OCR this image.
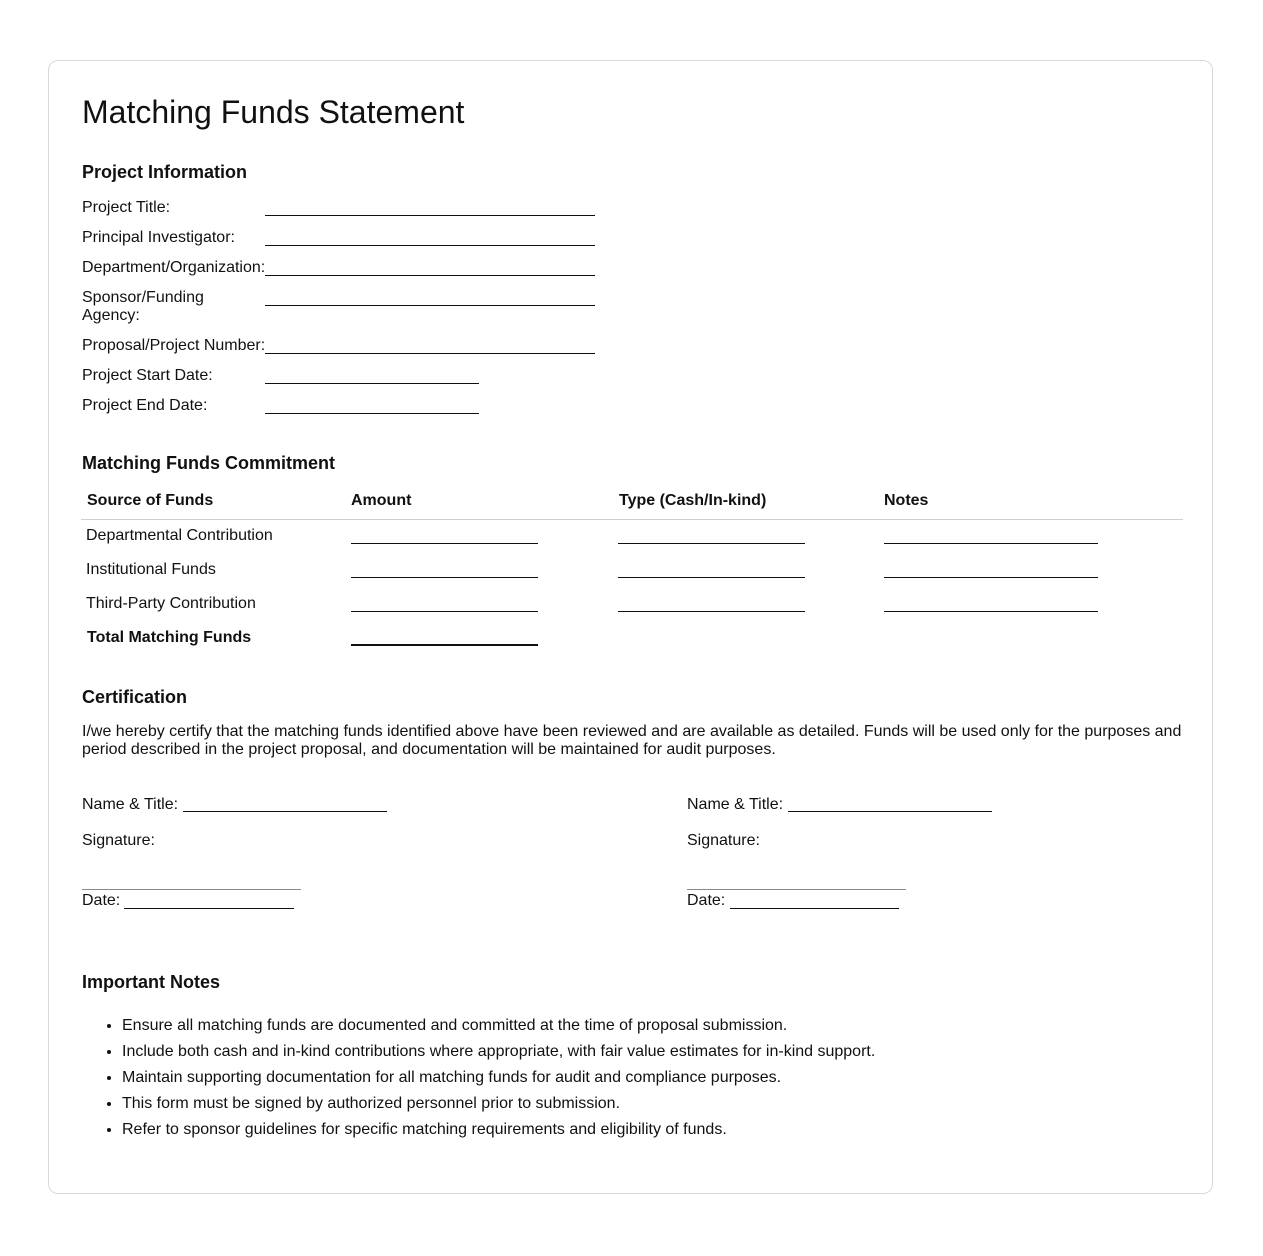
Matching Funds Statement
Project Information
Project Title:
Principal Investigator:
Department/Organization:
Sponsor/Funding Agency:
Proposal/Project Number:
Project Start Date:
Project End Date:
Matching Funds Commitment
Source of Funds	Amount	Type (Cash/In-kind)	Notes
Departmental Contribution
Institutional Funds
Third-Party Contribution
Total Matching Funds
Certification
I/we hereby certify that the matching funds identified above have been reviewed and are available as detailed. Funds will be used only for the purposes and period described in the project proposal, and documentation will be maintained for audit purposes.
Name & Title:
Signature:
Date:
Name & Title:
Signature:
Date:
Important Notes
• Ensure all matching funds are documented and committed at the time of proposal submission.
• Include both cash and in-kind contributions where appropriate, with fair value estimates for in-kind support.
• Maintain supporting documentation for all matching funds for audit and compliance purposes.
• This form must be signed by authorized personnel prior to submission.
• Refer to sponsor guidelines for specific matching requirements and eligibility of funds.
